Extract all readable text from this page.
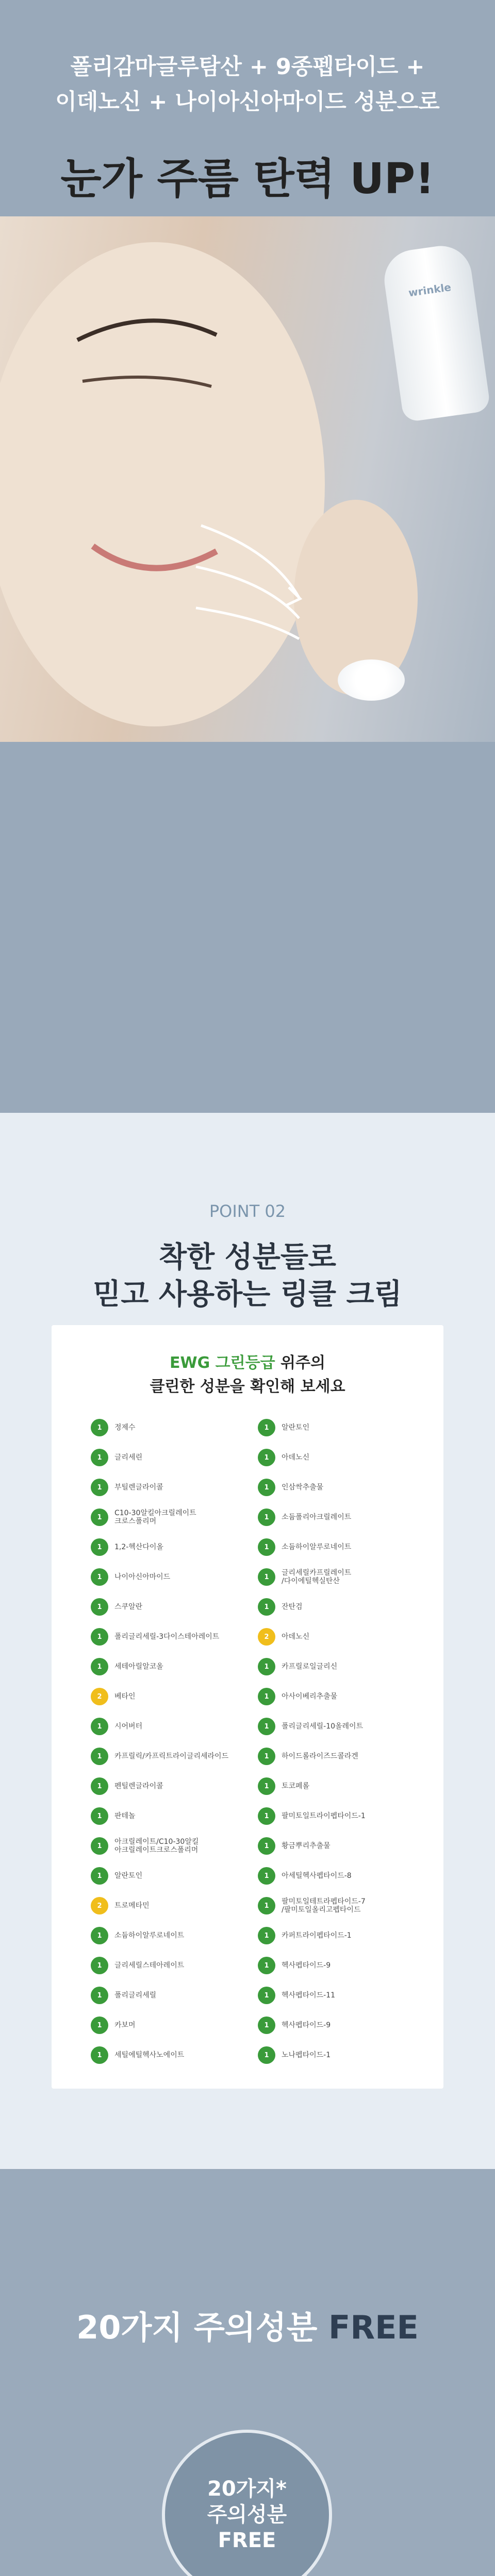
폴리감마글루탐산 + 9종펩타이드 +
이데노신 + 나이아신아마이드 성분으로
눈가 주름 탄력 UP!
wrinkle
POINT 02
착한 성분들로
믿고 사용하는 링클 크림
EWG 그린등급 위주의
클린한 성분을 확인해 보세요
1	정제수
1	글리세린
1	부틸렌글라이콜
1	C10-30알킬아크릴레이트
크로스폴리머
1	1,2-헥산다이올
1	나이아신아마이드
1	스쿠알란
1	폴리글리세릴-3다이스테아레이트
1	세테아릴알코올
2	베타인
1	시어버터
1	카프릴릭/카프릭트라이글리세라이드
1	펜틸렌글라이콜
1	판테놀
1	아크릴레이트/C10-30알킬
아크릴레이트크로스폴리머
1	알란토인
2	트로메타민
1	소듐하이알루로네이트
1	글리세릴스테아레이트
1	폴리글리세릴
1	카보머
1	세틸에틸헥사노에이트
1	알란토인
1	아데노신
1	인삼싹추출물
1	소듐폴리아크릴레이트
1	소듐하이알루로네이트
1	글리세릴카프릴레이트
/다이에틸헥실탄산
1	잔탄검
2	아데노신
1	카프릴로일글리신
1	아사이베리추출물
1	폴리글리세릴-10올레이트
1	하이드롤라이즈드콜라겐
1	토코페롤
1	팔미토일트라이펩타이드-1
1	황금뿌리추출물
1	아세틸헥사펩타이드-8
1	팔미토일테트라펩타이드-7
/팔미토일올리고펩타이드
1	카퍼트라이펩타이드-1
1	헥사펩타이드-9
1	헥사펩타이드-11
1	헥사펩타이드-9
1	노나펩타이드-1
20가지 주의성분 FREE
20가지*
주의성분
FREE
